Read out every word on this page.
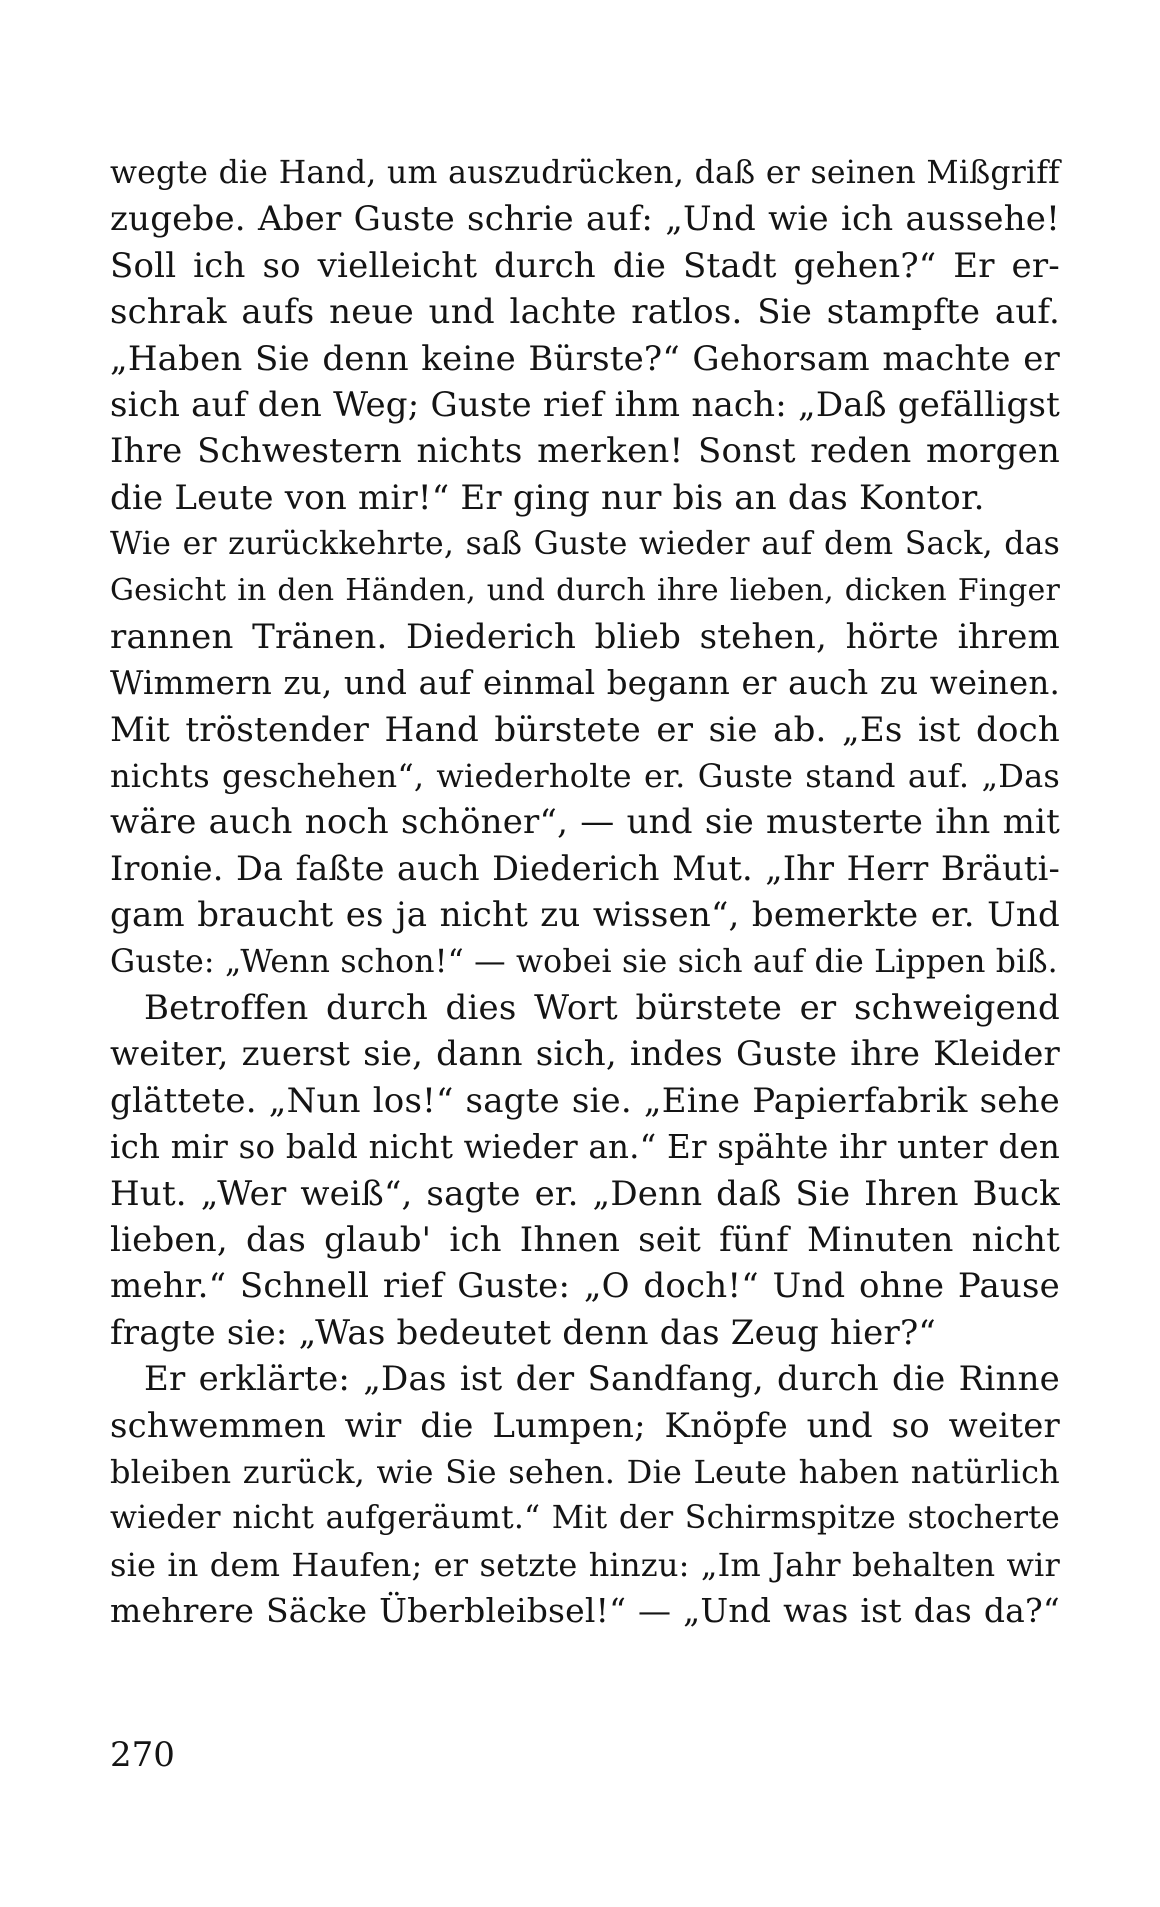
wegte die Hand, um auszudrücken, daß er seinen Mißgriff
zugebe. Aber Guste schrie auf: „Und wie ich aussehe!
Soll ich so vielleicht durch die Stadt gehen?“ Er er-
schrak aufs neue und lachte ratlos. Sie stampfte auf.
„Haben Sie denn keine Bürste?“ Gehorsam machte er
sich auf den Weg; Guste rief ihm nach: „Daß gefälligst
Ihre Schwestern nichts merken! Sonst reden morgen
die Leute von mir!“ Er ging nur bis an das Kontor.
Wie er zurückkehrte, saß Guste wieder auf dem Sack, das
Gesicht in den Händen, und durch ihre lieben, dicken Finger
rannen Tränen. Diederich blieb stehen, hörte ihrem
Wimmern zu, und auf einmal begann er auch zu weinen.
Mit tröstender Hand bürstete er sie ab. „Es ist doch
nichts geschehen“, wiederholte er. Guste stand auf. „Das
wäre auch noch schöner“, — und sie musterte ihn mit
Ironie. Da faßte auch Diederich Mut. „Ihr Herr Bräuti-
gam braucht es ja nicht zu wissen“, bemerkte er. Und
Guste: „Wenn schon!“ — wobei sie sich auf die Lippen biß.
Betroffen durch dies Wort bürstete er schweigend
weiter, zuerst sie, dann sich, indes Guste ihre Kleider
glättete. „Nun los!“ sagte sie. „Eine Papierfabrik sehe
ich mir so bald nicht wieder an.“ Er spähte ihr unter den
Hut. „Wer weiß“, sagte er. „Denn daß Sie Ihren Buck
lieben, das glaub' ich Ihnen seit fünf Minuten nicht
mehr.“ Schnell rief Guste: „O doch!“ Und ohne Pause
fragte sie: „Was bedeutet denn das Zeug hier?“
Er erklärte: „Das ist der Sandfang, durch die Rinne
schwemmen wir die Lumpen; Knöpfe und so weiter
bleiben zurück, wie Sie sehen. Die Leute haben natürlich
wieder nicht aufgeräumt.“ Mit der Schirmspitze stocherte
sie in dem Haufen; er setzte hinzu: „Im Jahr behalten wir
mehrere Säcke Überbleibsel!“ — „Und was ist das da?“
270
